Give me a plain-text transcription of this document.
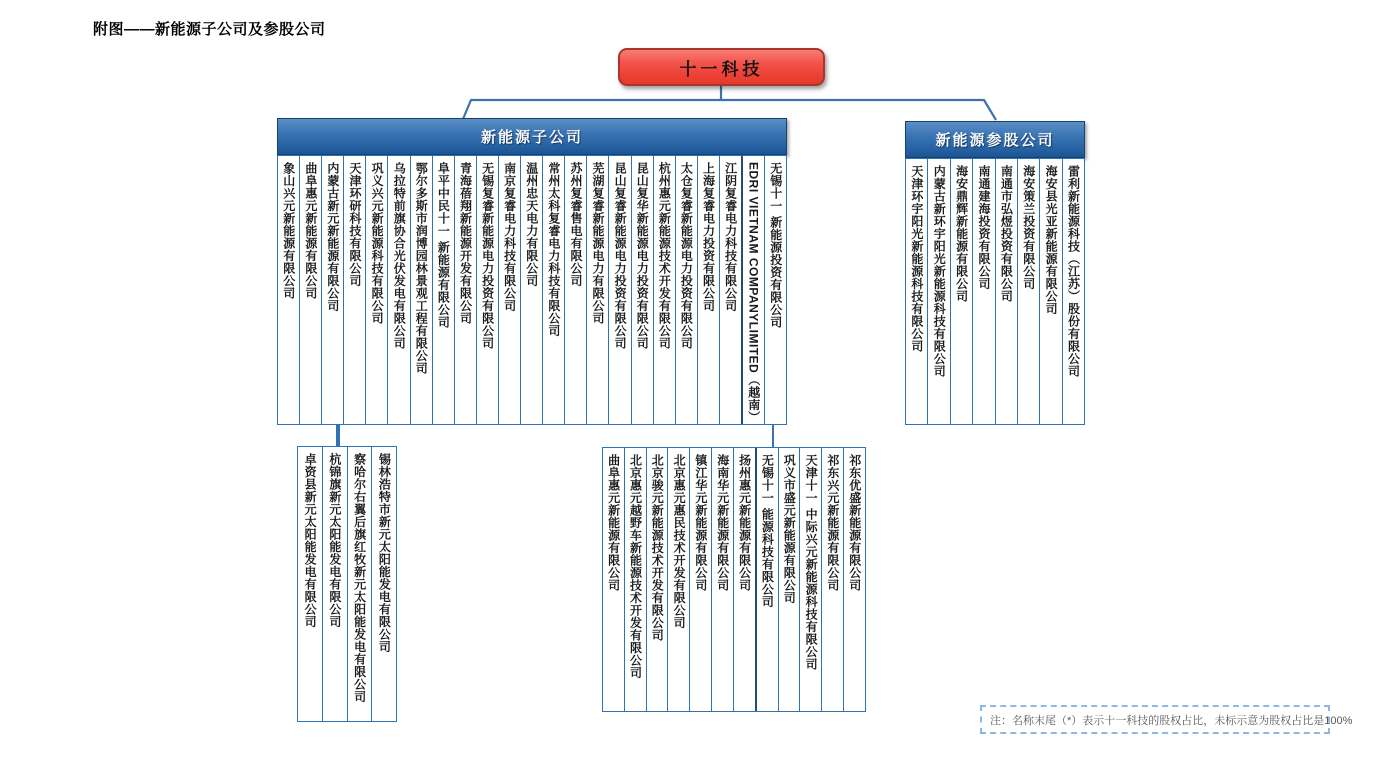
附图——新能源子公司及参股公司
十一科技
新能源子公司
象山兴元新能源有限公司 曲阜惠元新能源有限公司 内蒙古新元新能源有限公司 天津环研科技有限公司 巩义兴元新能源科技有限公司 乌拉特前旗协合光伏发电有限公司 鄂尔多斯市润博园林景观工程有限公司 阜平中民十一 新能源有限公司 青海蓓翔新能源开发有限公司 无锡复睿新能源电力投资有限公司 南京复睿电力科技有限公司 温州忠天电力有限公司 常州太科复睿电力科技有限公司 苏州复睿售电有限公司 芜湖复睿新能源电力有限公司 昆山复睿新能源电力投资有限公司 昆山复华新能源电力投资有限公司 杭州惠元新能源技术开发有限公司 太仓复睿新能源电力投资有限公司 上海复睿电力投资有限公司 江阴复睿电力科技有限公司 EDRI VIETNAM COMPANYLIMITED（越南） 无锡十一 新能源投资有限公司
新能源参股公司
天津环宇阳光新能源科技有限公司 内蒙古新环宇阳光新能源科技有限公司 海安鼎辉新能源有限公司 南通建海投资有限公司 南通市弘煜投资有限公司 海安策兰投资有限公司 海安县光亚新能源有限公司 雷利新能源科技（江苏）股份有限公司
卓资县新元太阳能发电有限公司 杭锦旗新元太阳能发电有限公司 察哈尔右翼后旗红牧新元太阳能发电有限公司 锡林浩特市新元太阳能发电有限公司	曲阜惠元新能源有限公司 北京惠元越野车新能源技术开发有限公司 北京骏元新能源技术开发有限公司 北京惠元惠民技术开发有限公司 镇江华元新能源有限公司 海南华元新能源有限公司 扬州惠元新能源有限公司 无锡十一 能源科技有限公司 巩义市盛元新能源有限公司 天津十一 中际兴元新能源科技有限公司 祁东兴元新能源有限公司 祁东优盛新能源有限公司
注：名称末尾（*）表示十一科技的股权占比，未标示意为股权占比是100%
